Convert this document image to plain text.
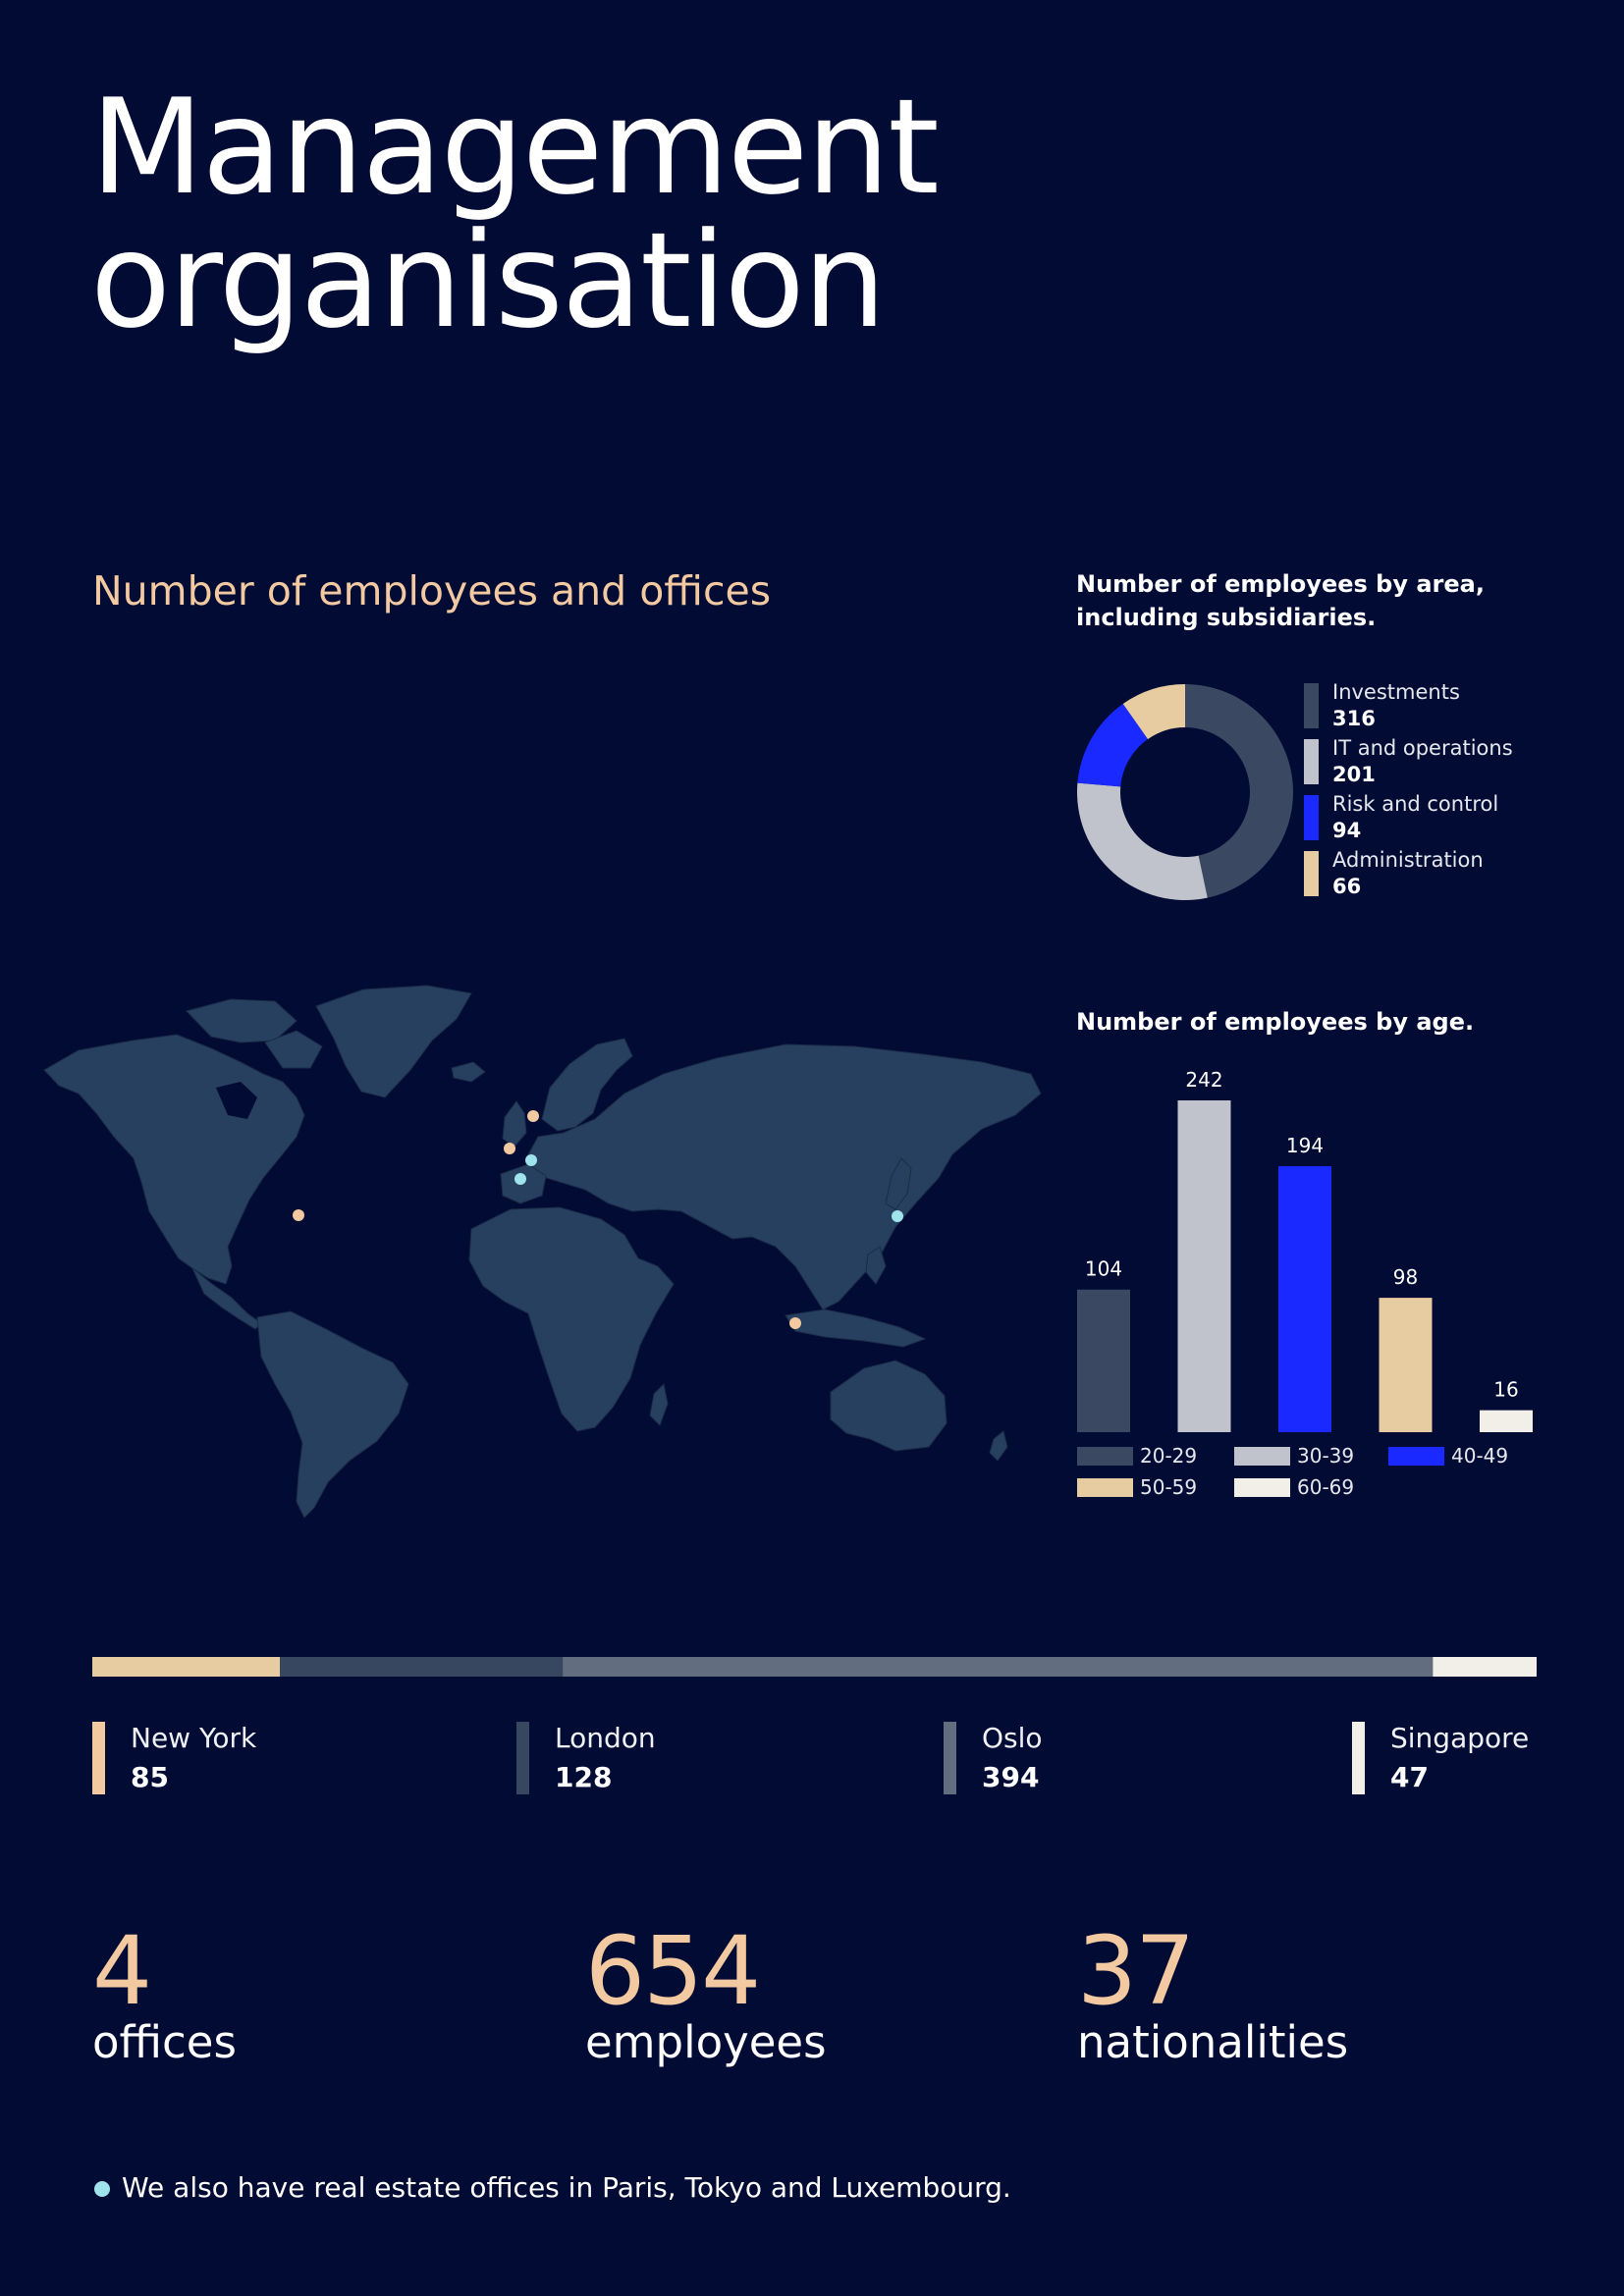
Management
organisation
Number of employees and offices	Number of employees by area,
including subsidiaries.
Investments
316
IT and operations
201
Risk and control
94
Administration
66
Number of employees by age.
104
242
194
98
16
20-29	30-39	40-49
50-59	60-69
New York
85
London
128
Oslo
394
Singapore
47
4
offices
654
employees
37
nationalities
We also have real estate offices in Paris, Tokyo and Luxembourg.
